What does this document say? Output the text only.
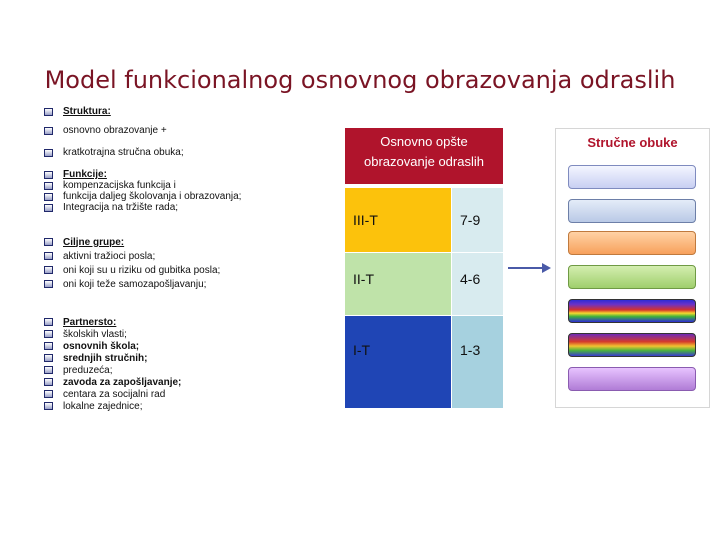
Model funkcionalnog osnovnog obrazovanja odraslih
Struktura:
osnovno obrazovanje +
kratkotrajna stručna obuka;
Funkcije:
kompenzacijska funkcija i
funkcija daljeg školovanja i obrazovanja;
Integracija na tržište rada;
Ciljne grupe:
aktivni tražioci posla;
oni koji su u riziku od gubitka posla;
oni koji teže samozapošljavanju;
Partnersto:
školskih vlasti;
osnovnih škola;
srednjih stručnih;
preduzeća;
zavoda za zapošljavanje;
centara za socijalni rad
lokalne zajednice;
Osnovno opšte obrazovanje odraslih
III-T	7-9
II-T	4-6
I-T	1-3
Stručne obuke
